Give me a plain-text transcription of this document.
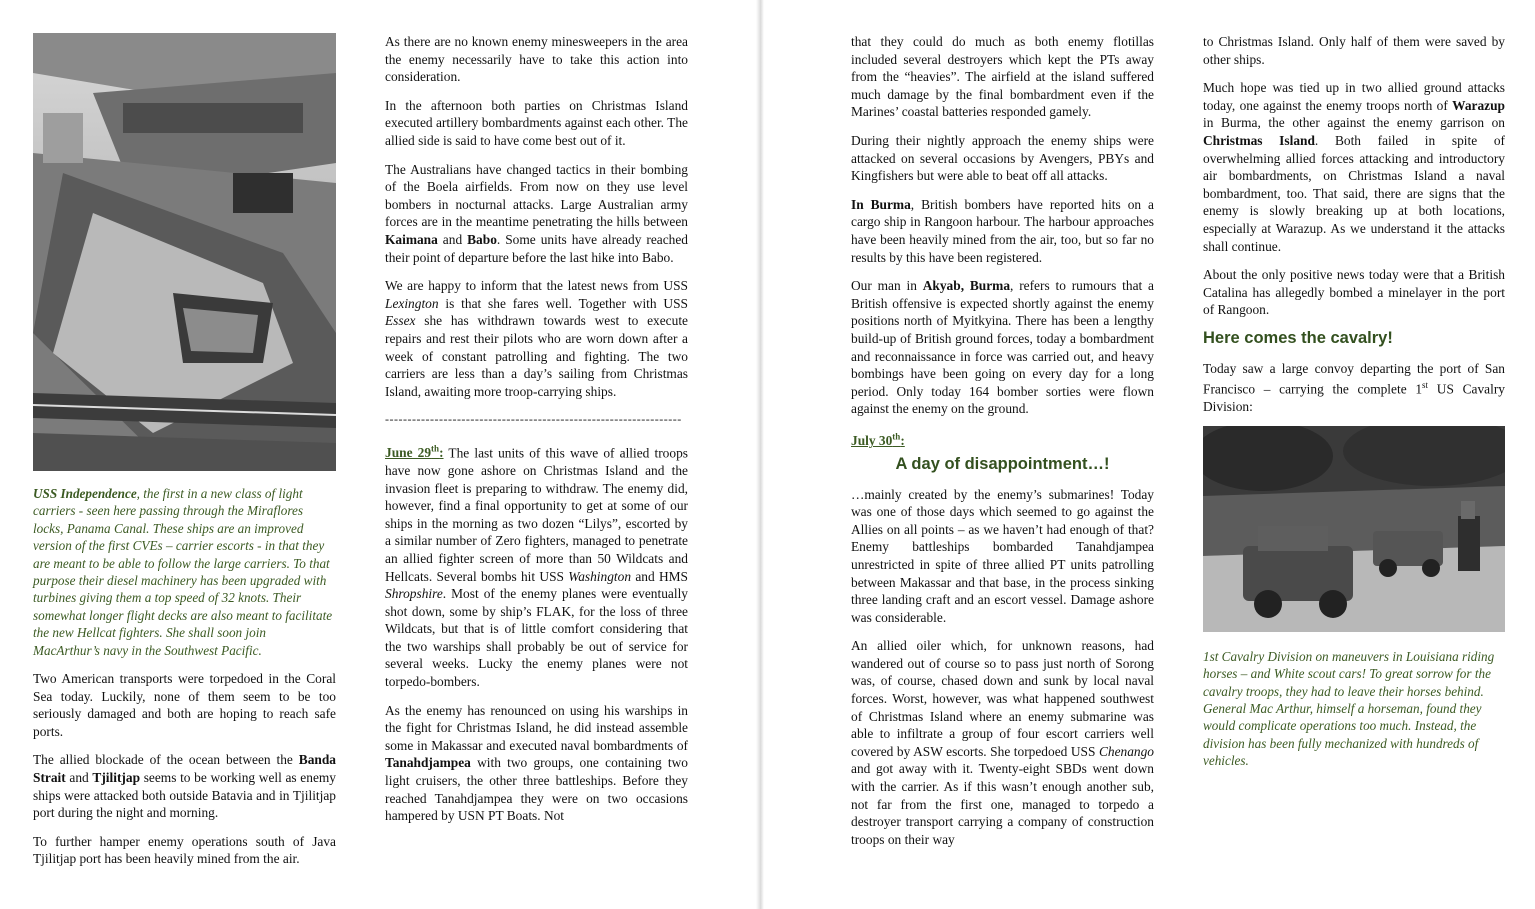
USS Independence, the first in a new class of light carriers - seen here passing through the Miraflores locks, Panama Canal. These ships are an improved version of the first CVEs – carrier escorts - in that they are meant to be able to follow the large carriers. To that purpose their diesel machinery has been upgraded with turbines giving them a top speed of 32 knots. Their somewhat longer flight decks are also meant to facilitate the new Hellcat fighters. She shall soon join MacArthur’s navy in the Southwest Pacific.

Two American transports were torpedoed in the Coral Sea today. Luckily, none of them seem to be too seriously damaged and both are hoping to reach safe ports.

The allied blockade of the ocean between the Banda Strait and Tjilitjap seems to be working well as enemy ships were attacked both outside Batavia and in Tjilitjap port during the night and morning.

To further hamper enemy operations south of Java Tjilitjap port has been heavily mined from the air.

As there are no known enemy minesweepers in the area the enemy necessarily have to take this action into consideration.

In the afternoon both parties on Christmas Island executed artillery bombardments against each other. The allied side is said to have come best out of it.

The Australians have changed tactics in their bombing of the Boela airfields. From now on they use level bombers in nocturnal attacks. Large Australian army forces are in the meantime penetrating the hills between Kaimana and Babo. Some units have already reached their point of departure before the last hike into Babo.

We are happy to inform that the latest news from USS Lexington is that she fares well. Together with USS Essex she has withdrawn towards west to execute repairs and rest their pilots who are worn down after a week of constant patrolling and fighting. The two carriers are less than a day’s sailing from Christmas Island, awaiting more troop-carrying ships.

------------------------------------------------------------------

June 29th: The last units of this wave of allied troops have now gone ashore on Christmas Island and the invasion fleet is preparing to withdraw. The enemy did, however, find a final opportunity to get at some of our ships in the morning as two dozen “Lilys”, escorted by a similar number of Zero fighters, managed to penetrate an allied fighter screen of more than 50 Wildcats and Hellcats. Several bombs hit USS Washington and HMS Shropshire. Most of the enemy planes were eventually shot down, some by ship’s FLAK, for the loss of three Wildcats, but that is of little comfort considering that the two warships shall probably be out of service for several weeks. Lucky the enemy planes were not torpedo-bombers.

As the enemy has renounced on using his warships in the fight for Christmas Island, he did instead assemble some in Makassar and executed naval bombardments of Tanahdjampea with two groups, one containing two light cruisers, the other three battleships. Before they reached Tanahdjampea they were on two occasions hampered by USN PT Boats. Not

that they could do much as both enemy flotillas included several destroyers which kept the PTs away from the “heavies”. The airfield at the island suffered much damage by the final bombardment even if the Marines’ coastal batteries responded gamely.

During their nightly approach the enemy ships were attacked on several occasions by Avengers, PBYs and Kingfishers but were able to beat off all attacks.

In Burma, British bombers have reported hits on a cargo ship in Rangoon harbour. The harbour approaches have been heavily mined from the air, too, but so far no results by this have been registered.

Our man in Akyab, Burma, refers to rumours that a British offensive is expected shortly against the enemy positions north of Myitkyina. There has been a lengthy build-up of British ground forces, today a bombardment and reconnaissance in force was carried out, and heavy bombings have been going on every day for a long period. Only today 164 bomber sorties were flown against the enemy on the ground.

July 30th:

A day of disappointment…!

…mainly created by the enemy’s submarines! Today was one of those days which seemed to go against the Allies on all points – as we haven’t had enough of that? Enemy battleships bombarded Tanahdjampea unrestricted in spite of three allied PT units patrolling between Makassar and that base, in the process sinking three landing craft and an escort vessel. Damage ashore was considerable.

An allied oiler which, for unknown reasons, had wandered out of course so to pass just north of Sorong was, of course, chased down and sunk by local naval forces. Worst, however, was what happened southwest of Christmas Island where an enemy submarine was able to infiltrate a group of four escort carriers well covered by ASW escorts. She torpedoed USS Chenango and got away with it. Twenty-eight SBDs went down with the carrier. As if this wasn’t enough another sub, not far from the first one, managed to torpedo a destroyer transport carrying a company of construction troops on their way

to Christmas Island. Only half of them were saved by other ships.

Much hope was tied up in two allied ground attacks today, one against the enemy troops north of Warazup in Burma, the other against the enemy garrison on Christmas Island. Both failed in spite of overwhelming allied forces attacking and introductory air bombardments, on Christmas Island a naval bombardment, too. That said, there are signs that the enemy is slowly breaking up at both locations, especially at Warazup. As we understand it the attacks shall continue.

About the only positive news today were that a British Catalina has allegedly bombed a minelayer in the port of Rangoon.

Here comes the cavalry!

Today saw a large convoy departing the port of San Francisco – carrying the complete 1st US Cavalry Division:

1st Cavalry Division on maneuvers in Louisiana riding horses – and White scout cars! To great sorrow for the cavalry troops, they had to leave their horses behind. General Mac Arthur, himself a horseman, found they would complicate operations too much. Instead, the division has been fully mechanized with hundreds of vehicles.
